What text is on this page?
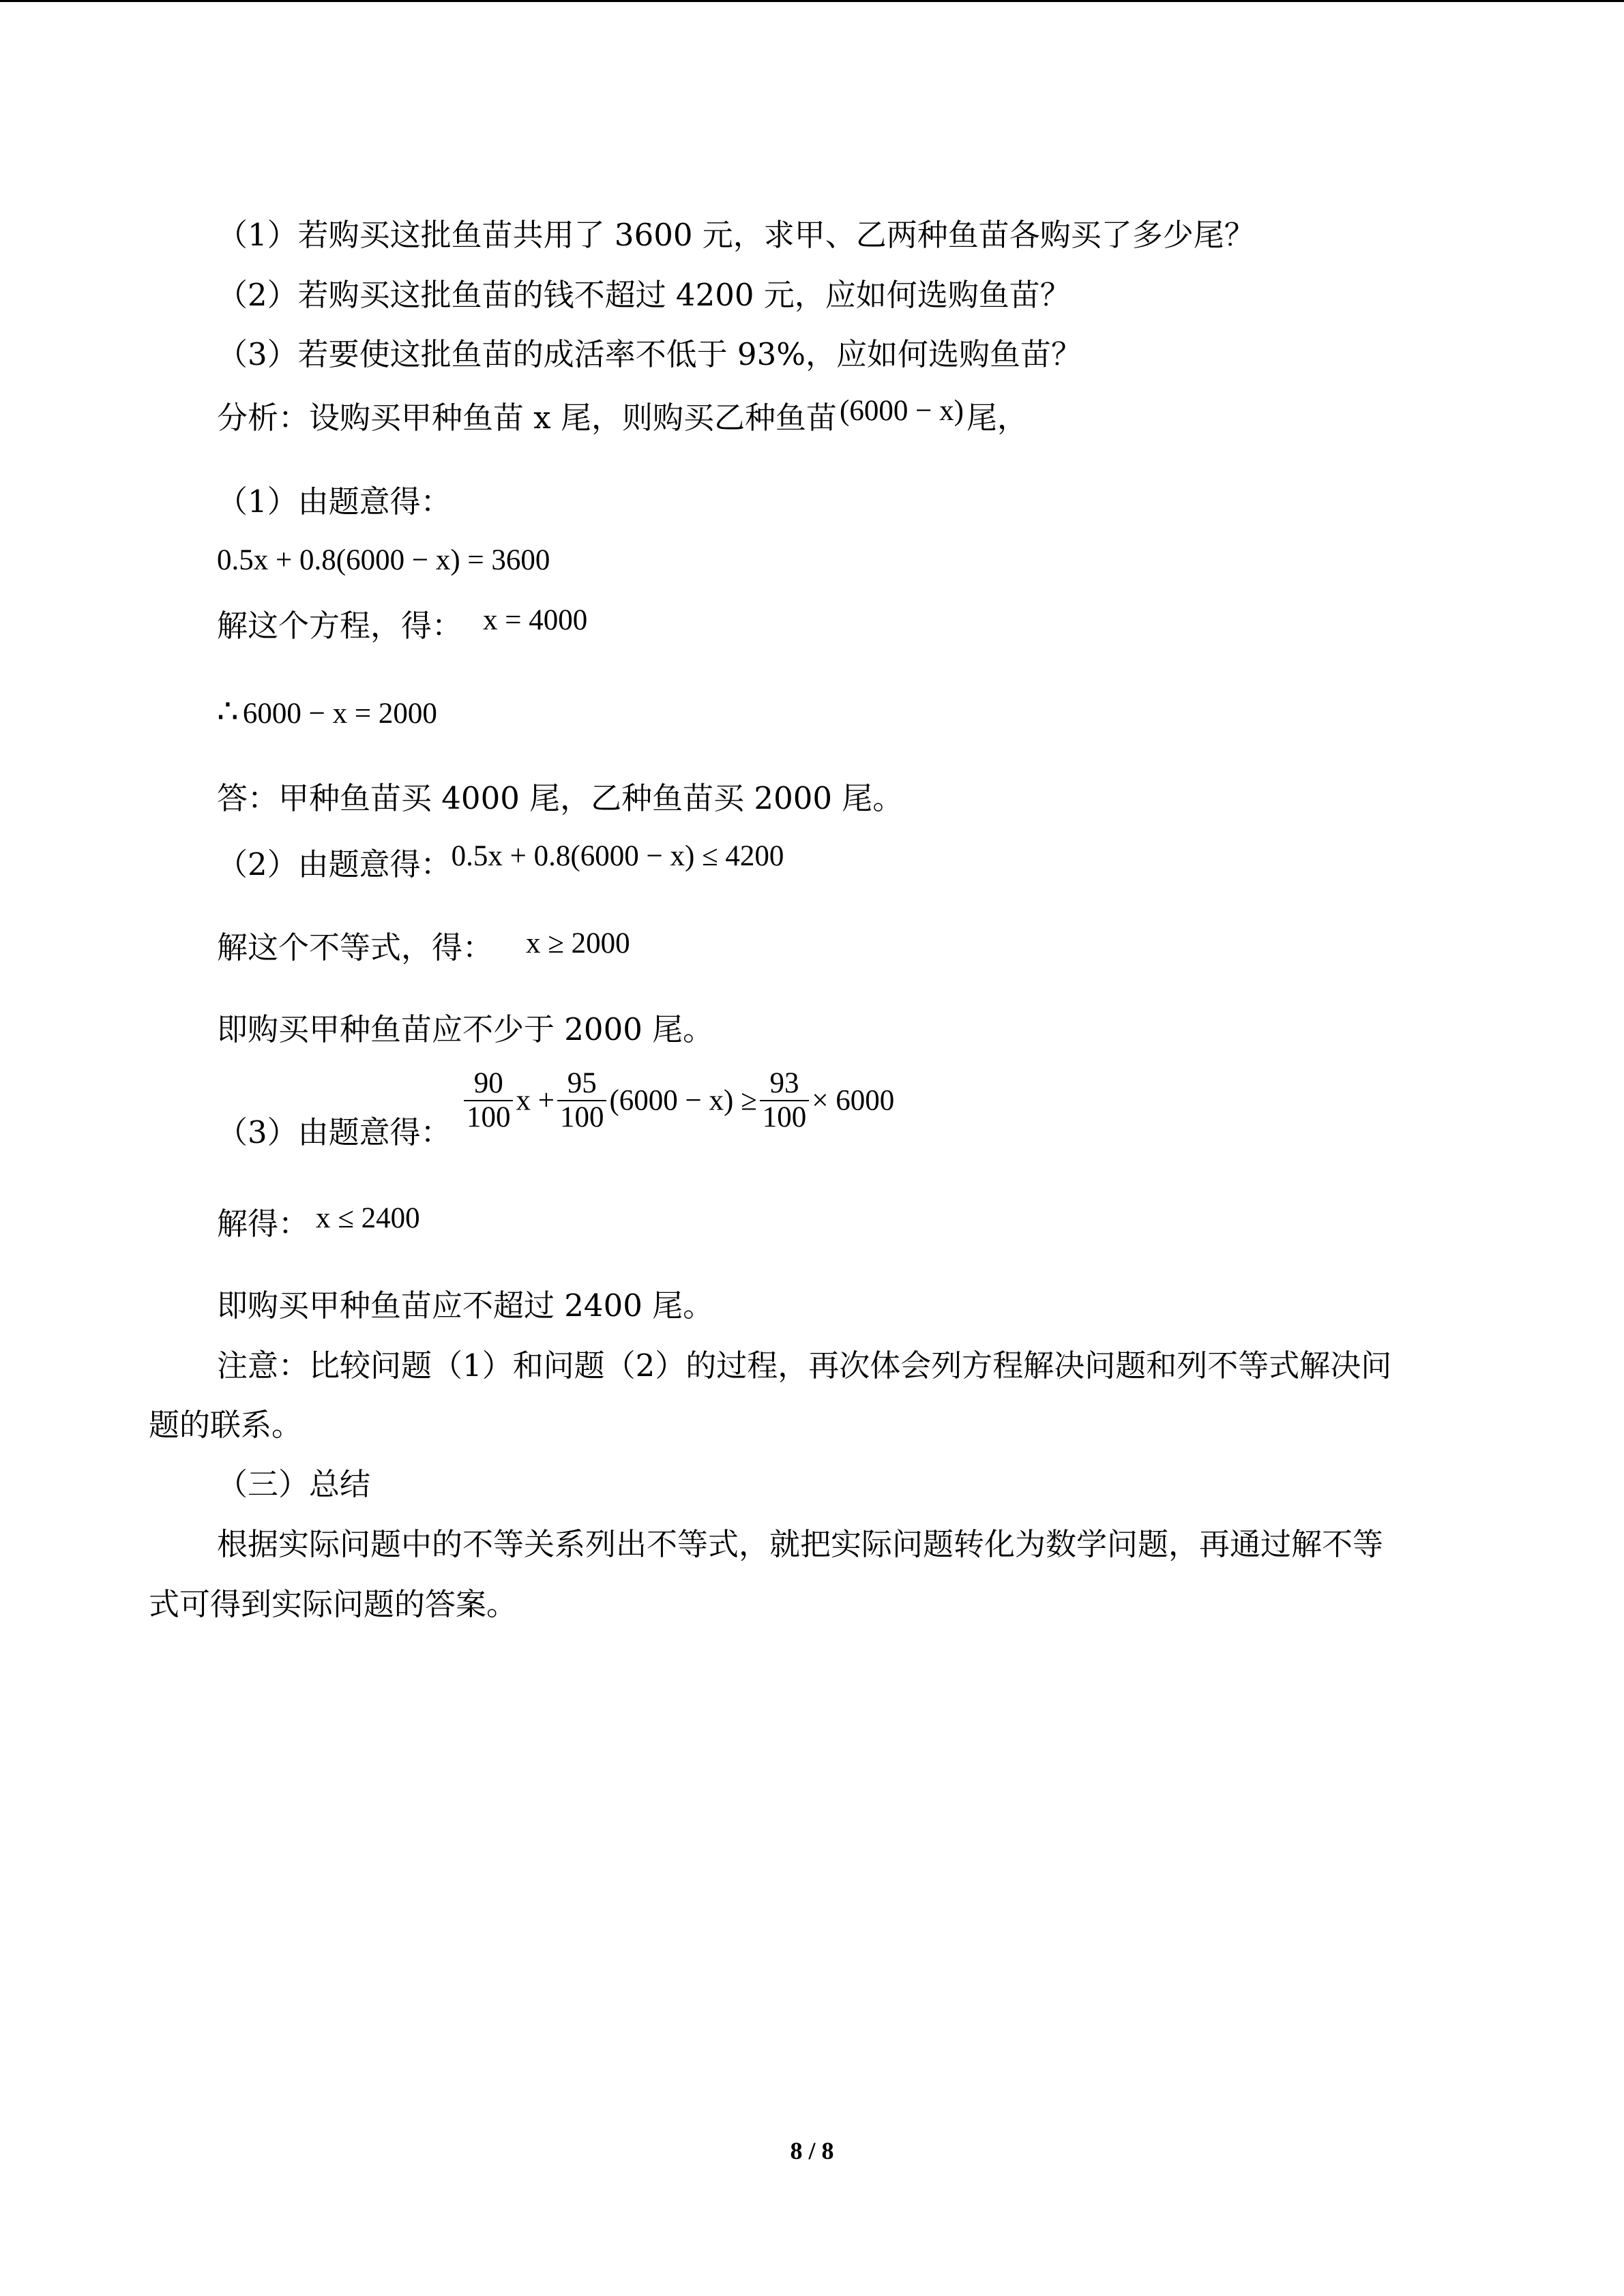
（1）若购买这批鱼苗共用了 3600 元，求甲、乙两种鱼苗各购买了多少尾？
（2）若购买这批鱼苗的钱不超过 4200 元，应如何选购鱼苗？
（3）若要使这批鱼苗的成活率不低于 93%，应如何选购鱼苗？
分析：设购买甲种鱼苗 x 尾，则购买乙种鱼苗(6000 − x)尾，
（1）由题意得：
0.5x + 0.8(6000 − x) = 3600
解这个方程，得： x = 4000
∴ 6000 − x = 2000
答：甲种鱼苗买 4000 尾，乙种鱼苗买 2000 尾。
（2）由题意得：0.5x + 0.8(6000 − x) ≤ 4200
解这个不等式，得： x ≥ 2000
即购买甲种鱼苗应不少于 2000 尾。
（3）由题意得： $\frac{90}{100}$ $x + \frac{95}{100} (6000 - x) \ge \frac{93}{100} \times 6000$
解得： x ≤ 2400
即购买甲种鱼苗应不超过 2400 尾。
注意：比较问题（1）和问题（2）的过程，再次体会列方程解决问题和列不等式解决问
题的联系。
（三）总结
根据实际问题中的不等关系列出不等式，就把实际问题转化为数学问题，再通过解不等
式可得到实际问题的答案。
8 / 8
